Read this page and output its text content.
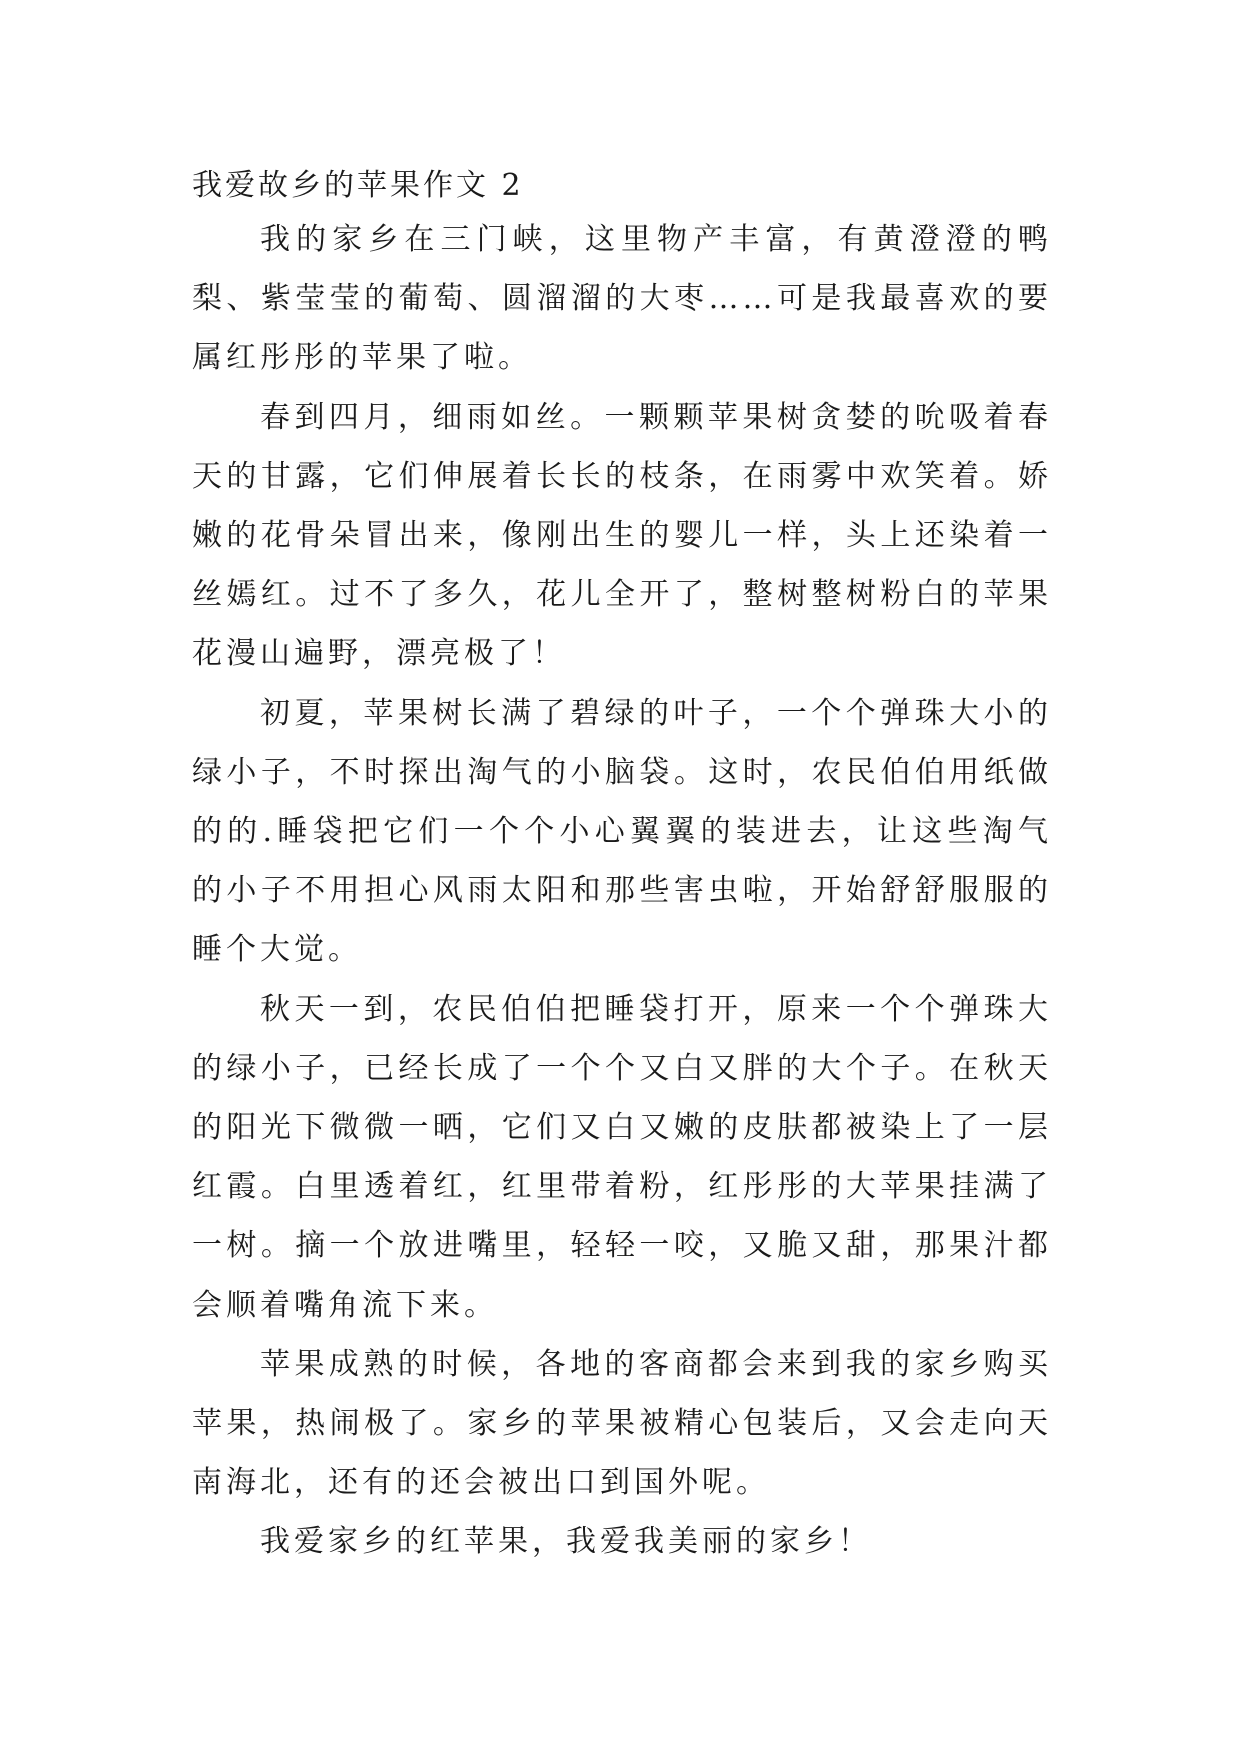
我爱故乡的苹果作文 2

我的家乡在三门峡，这里物产丰富，有黄澄澄的鸭梨、紫莹莹的葡萄、圆溜溜的大枣……可是我最喜欢的要属红彤彤的苹果了啦。

春到四月，细雨如丝。一颗颗苹果树贪婪的吮吸着春天的甘露，它们伸展着长长的枝条，在雨雾中欢笑着。娇嫩的花骨朵冒出来，像刚出生的婴儿一样，头上还染着一丝嫣红。过不了多久，花儿全开了，整树整树粉白的苹果花漫山遍野，漂亮极了！

初夏，苹果树长满了碧绿的叶子，一个个弹珠大小的绿小子，不时探出淘气的小脑袋。这时，农民伯伯用纸做的的.睡袋把它们一个个小心翼翼的装进去，让这些淘气的小子不用担心风雨太阳和那些害虫啦，开始舒舒服服的睡个大觉。

秋天一到，农民伯伯把睡袋打开，原来一个个弹珠大的绿小子，已经长成了一个个又白又胖的大个子。在秋天的阳光下微微一晒，它们又白又嫩的皮肤都被染上了一层红霞。白里透着红，红里带着粉，红彤彤的大苹果挂满了一树。摘一个放进嘴里，轻轻一咬，又脆又甜，那果汁都会顺着嘴角流下来。

苹果成熟的时候，各地的客商都会来到我的家乡购买苹果，热闹极了。家乡的苹果被精心包装后，又会走向天南海北，还有的还会被出口到国外呢。

我爱家乡的红苹果，我爱我美丽的家乡！
